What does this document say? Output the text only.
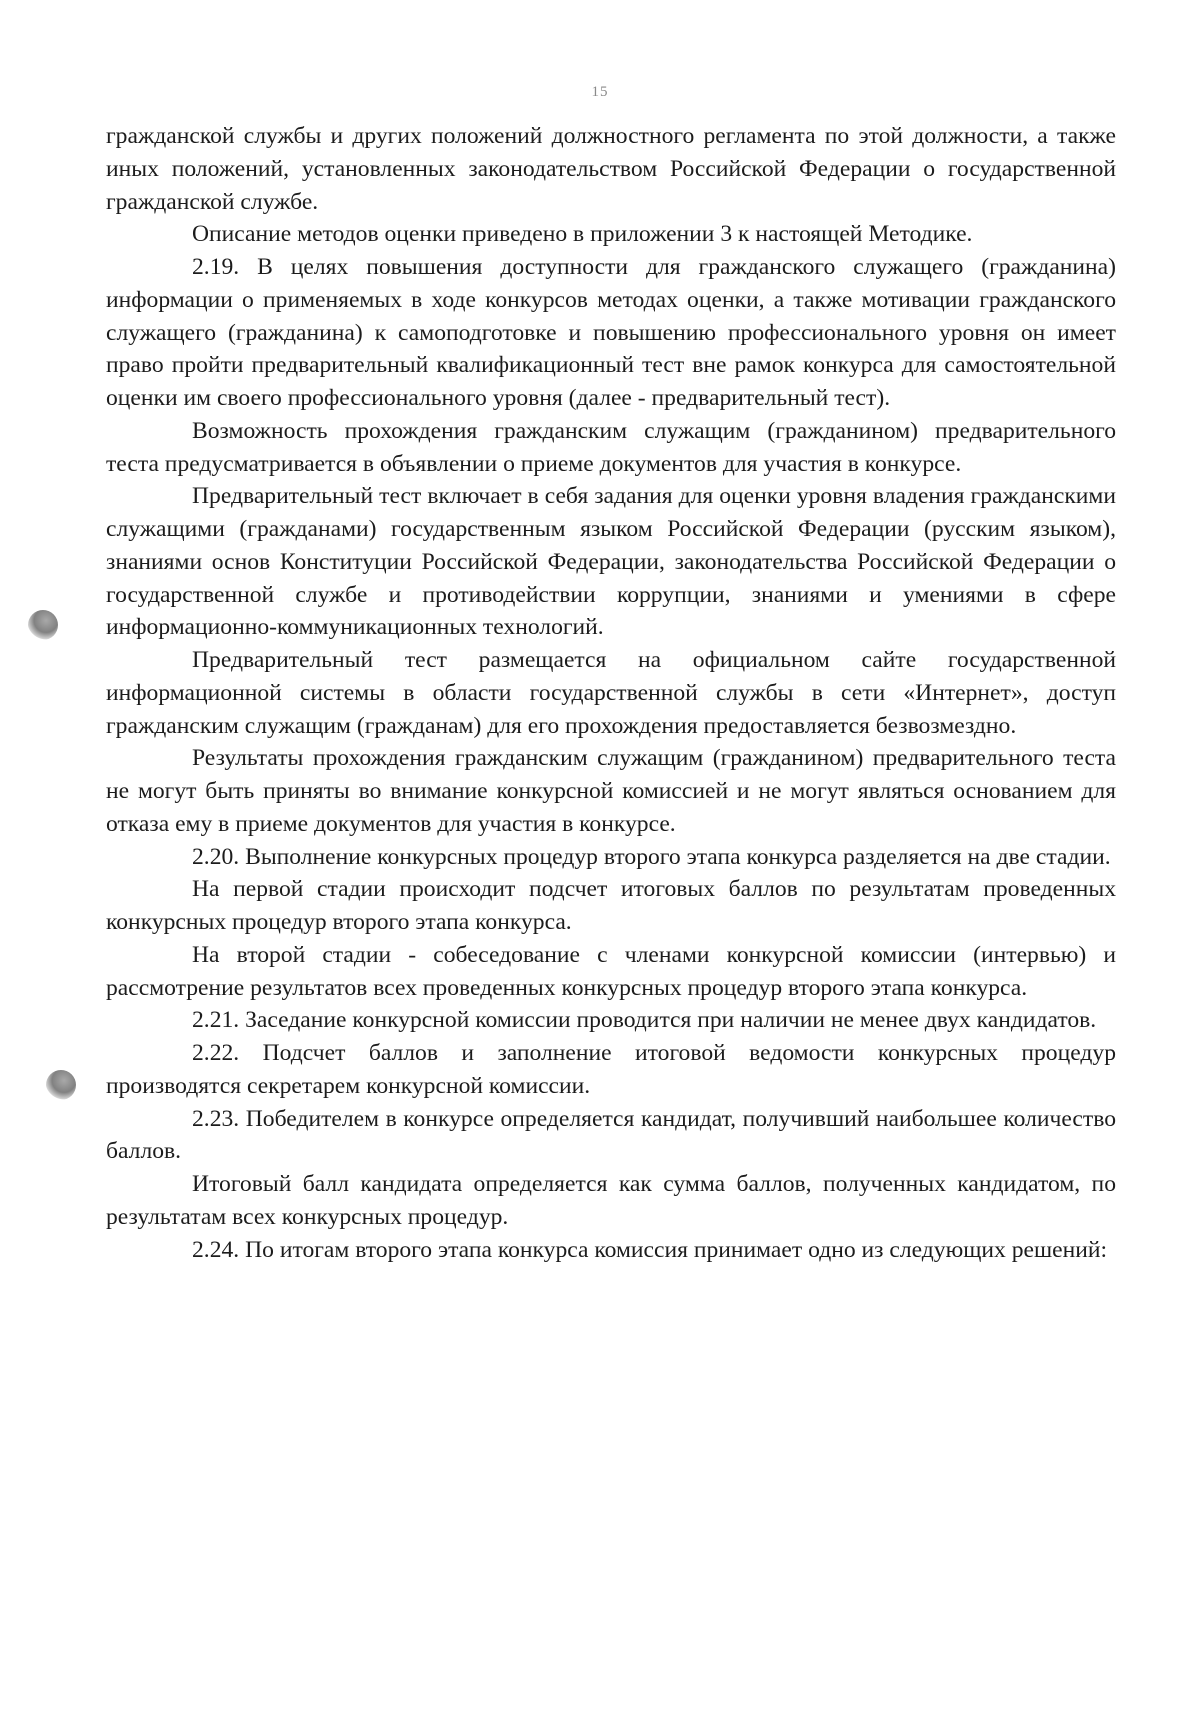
15

гражданской службы и других положений должностного регламента по этой должности, а также иных положений, установленных законодательством Российской Федерации о государственной гражданской службе.

Описание методов оценки приведено в приложении 3 к настоящей Методике.

2.19. В целях повышения доступности для гражданского служащего (гражданина) информации о применяемых в ходе конкурсов методах оценки, а также мотивации гражданского служащего (гражданина) к самоподготовке и повышению профессионального уровня он имеет право пройти предварительный квалификационный тест вне рамок конкурса для самостоятельной оценки им своего профессионального уровня (далее - предварительный тест).

Возможность прохождения гражданским служащим (гражданином) предварительного теста предусматривается в объявлении о приеме документов для участия в конкурсе.

Предварительный тест включает в себя задания для оценки уровня владения гражданскими служащими (гражданами) государственным языком Российской Федерации (русским языком), знаниями основ Конституции Российской Федерации, законодательства Российской Федерации о государственной службе и противодействии коррупции, знаниями и умениями в сфере информационно-коммуникационных технологий.

Предварительный тест размещается на официальном сайте государственной информационной системы в области государственной службы в сети «Интернет», доступ гражданским служащим (гражданам) для его прохождения предоставляется безвозмездно.

Результаты прохождения гражданским служащим (гражданином) предварительного теста не могут быть приняты во внимание конкурсной комиссией и не могут являться основанием для отказа ему в приеме документов для участия в конкурсе.

2.20. Выполнение конкурсных процедур второго этапа конкурса разделяется на две стадии.

На первой стадии происходит подсчет итоговых баллов по результатам проведенных конкурсных процедур второго этапа конкурса.

На второй стадии - собеседование с членами конкурсной комиссии (интервью) и рассмотрение результатов всех проведенных конкурсных процедур второго этапа конкурса.

2.21. Заседание конкурсной комиссии проводится при наличии не менее двух кандидатов.

2.22. Подсчет баллов и заполнение итоговой ведомости конкурсных процедур производятся секретарем конкурсной комиссии.

2.23. Победителем в конкурсе определяется кандидат, получивший наибольшее количество баллов.

Итоговый балл кандидата определяется как сумма баллов, полученных кандидатом, по результатам всех конкурсных процедур.

2.24. По итогам второго этапа конкурса комиссия принимает одно из следующих решений:
